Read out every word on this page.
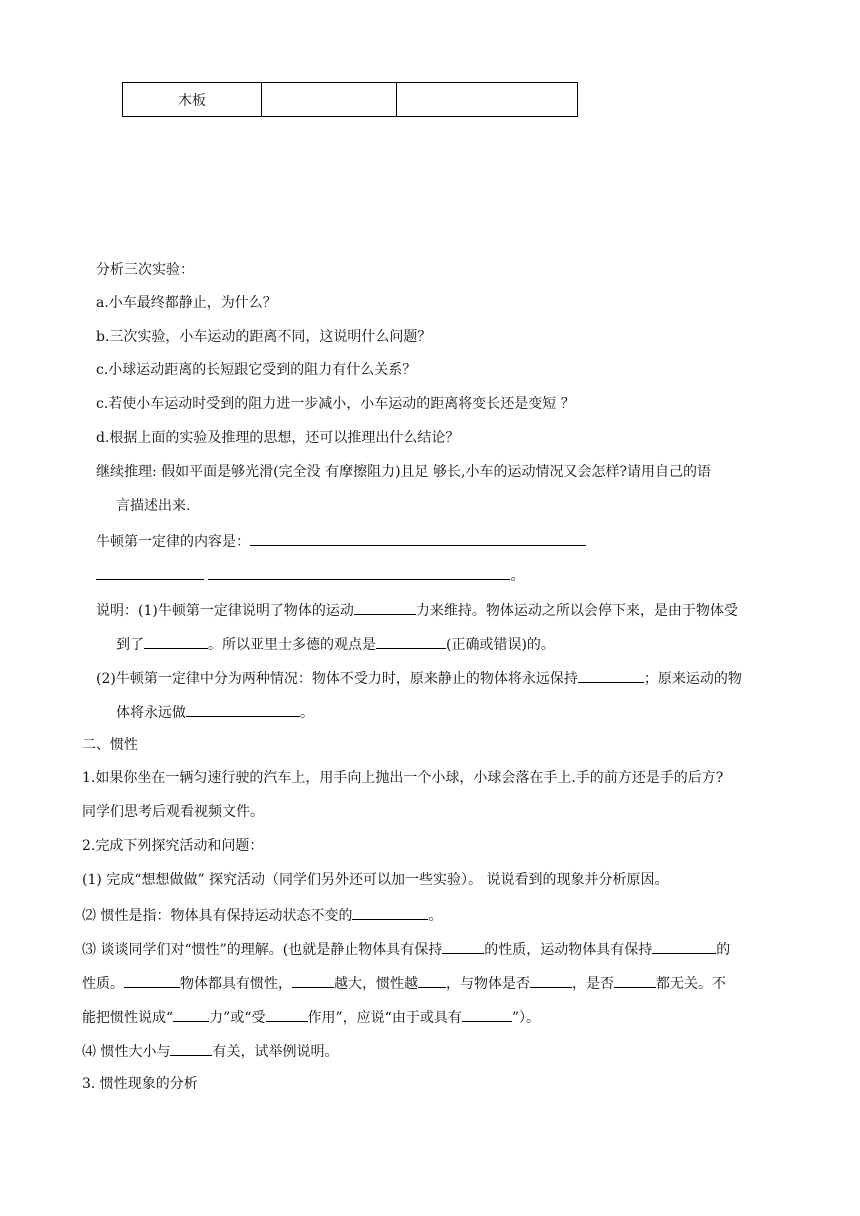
木板		
分析三次实验：
a.小车最终都静止，为什么？
b.三次实验，小车运动的距离不同，这说明什么问题？
c.小球运动距离的长短跟它受到的阻力有什么关系？
c.若使小车运动时受到的阻力进一步减小，小车运动的距离将变长还是变短 ？
d.根据上面的实验及推理的思想，还可以推理出什么结论？
继续推理: 假如平面是够光滑(完全没 有摩擦阻力)且足 够长,小车的运动情况又会怎样?请用自己的语
言描述出来.
牛顿第一定律的内容是：
。
说明：(1)牛顿第一定律说明了物体的运动	力来维持。物体运动之所以会停下来，是由于物体受
到了	。所以亚里士多德的观点是	(正确或错误)的。
(2)牛顿第一定律中分为两种情况：物体不受力时，原来静止的物体将永远保持	；原来运动的物
体将永远做	。
二、惯性
1.如果你坐在一辆匀速行驶的汽车上，用手向上抛出一个小球，小球会落在手上.手的前方还是手的后方?
同学们思考后观看视频文件。
2.完成下列探究活动和问题：
(1) 完成“想想做做” 探究活动（同学们另外还可以加一些实验）。 说说看到的现象并分析原因。
⑵ 惯性是指：物体具有保持运动状态不变的	。
⑶ 谈谈同学们对“惯性”的理解。(也就是静止物体具有保持	的性质，运动物体具有保持	的
性质。	物体都具有惯性，	越大，惯性越 ，与物体是否	，是否	都无关。不
能把惯性说成“	力”或“受	作用”，应说“由于或具有	”）。
⑷ 惯性大小与	有关，试举例说明。
3. 惯性现象的分析
